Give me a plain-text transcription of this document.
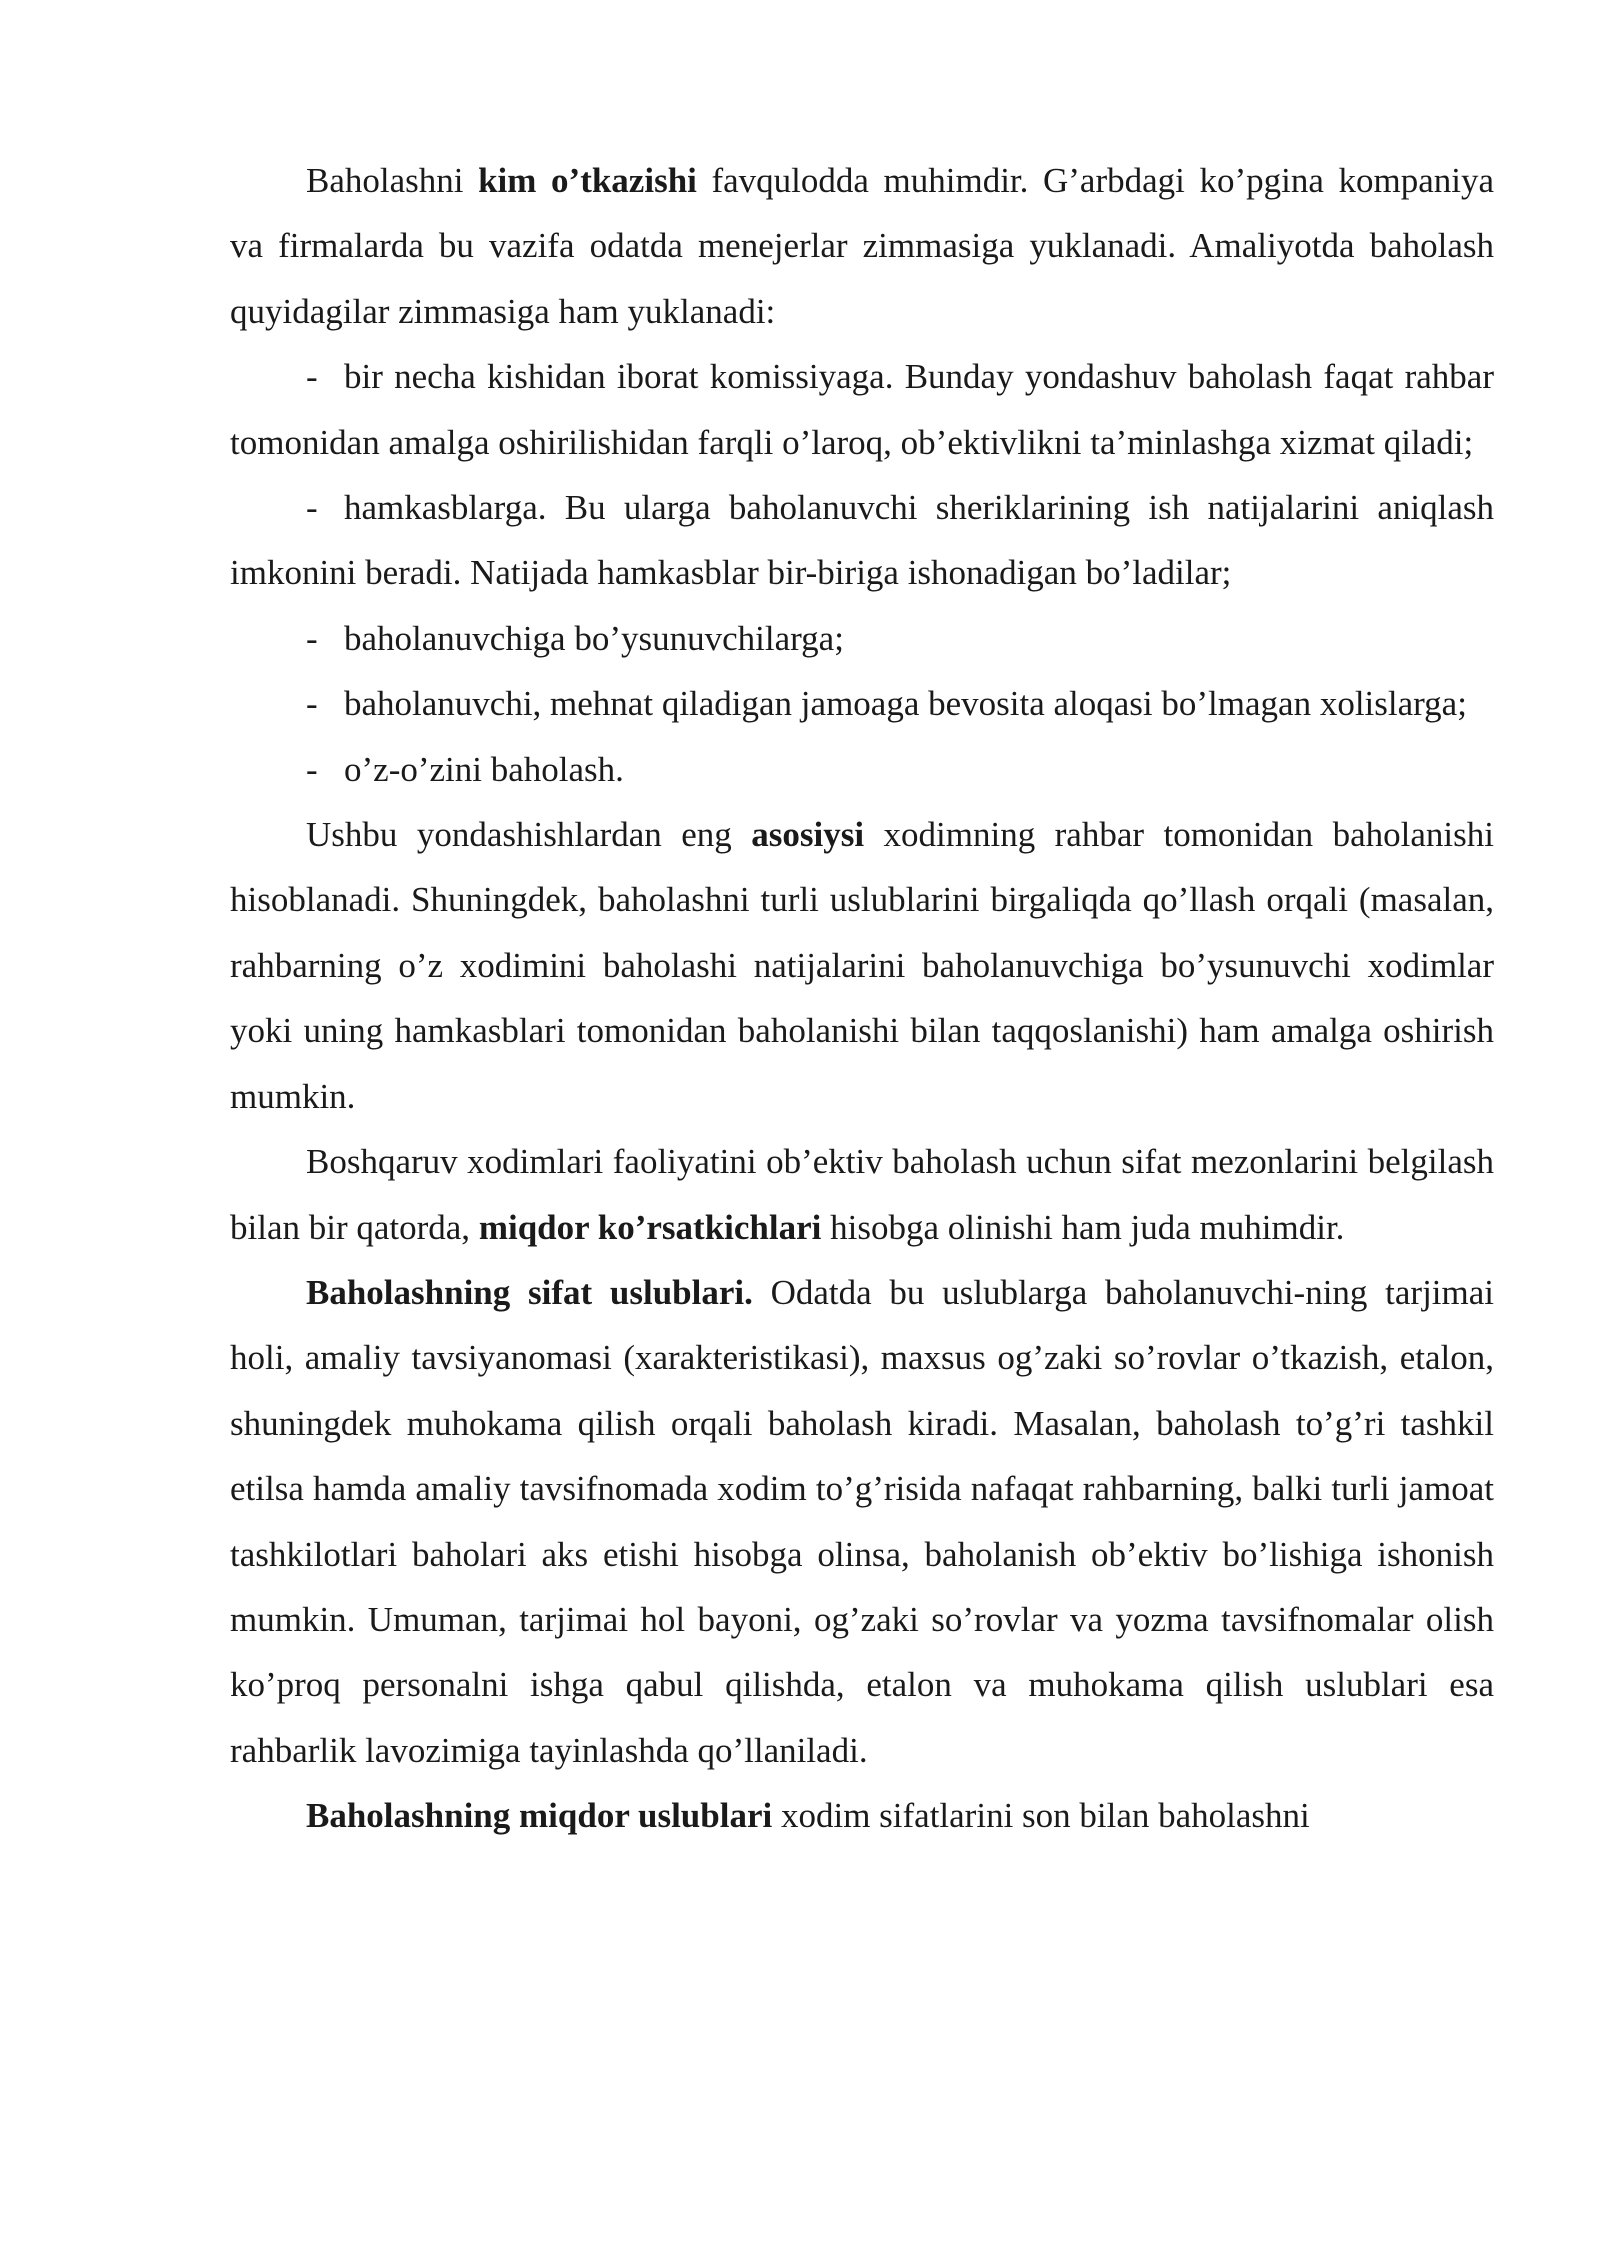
Baholashni kim o’tkazishi favqulodda muhimdir. G’arbdagi ko’pgina kompaniya va firmalarda bu vazifa odatda menejerlar zimmasiga yuklanadi. Amaliyotda baholash quyidagilar zimmasiga ham yuklanadi:

- bir necha kishidan iborat komissiyaga. Bunday yondashuv baholash faqat rahbar tomonidan amalga oshirilishidan farqli o’laroq, ob’ektivlikni ta’minlashga xizmat qiladi;

- hamkasblarga. Bu ularga baholanuvchi sheriklarining ish natijalarini aniqlash imkonini beradi. Natijada hamkasblar bir-biriga ishonadigan bo’ladilar;

- baholanuvchiga bo’ysunuvchilarga;

- baholanuvchi, mehnat qiladigan jamoaga bevosita aloqasi bo’lmagan xolislarga;

- o’z-o’zini baholash.

Ushbu yondashishlardan eng asosiysi xodimning rahbar tomonidan baholanishi hisoblanadi. Shuningdek, baholashni turli uslublarini birgaliqda qo’llash orqali (masalan, rahbarning o’z xodimini baholashi natijalarini baholanuvchiga bo’ysunuvchi xodimlar yoki uning hamkasblari tomonidan baholanishi bilan taqqoslanishi) ham amalga oshirish mumkin.

Boshqaruv xodimlari faoliyatini ob’ektiv baholash uchun sifat mezonlarini belgilash bilan bir qatorda, miqdor ko’rsatkichlari hisobga olinishi ham juda muhimdir.

Baholashning sifat uslublari. Odatda bu uslublarga baholanuvchi-ning tarjimai holi, amaliy tavsiyanomasi (xarakteristikasi), maxsus og’zaki so’rovlar o’tkazish, etalon, shuningdek muhokama qilish orqali baholash kiradi. Masalan, baholash to’g’ri tashkil etilsa hamda amaliy tavsifnomada xodim to’g’risida nafaqat rahbarning, balki turli jamoat tashkilotlari baholari aks etishi hisobga olinsa, baholanish ob’ektiv bo’lishiga ishonish mumkin. Umuman, tarjimai hol bayoni, og’zaki so’rovlar va yozma tavsifnomalar olish ko’proq personalni ishga qabul qilishda, etalon va muhokama qilish uslublari esa rahbarlik lavozimiga tayinlashda qo’llaniladi.

Baholashning miqdor uslublari xodim sifatlarini son bilan baholashni
